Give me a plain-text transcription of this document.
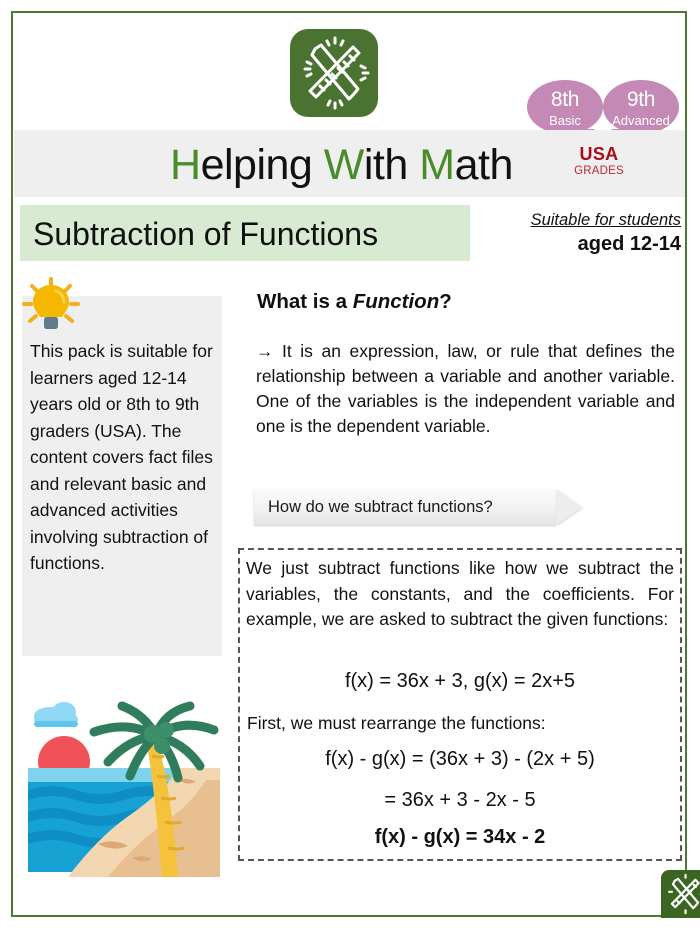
8th
Basic
9th
Advanced
Helping With Math	USA
GRADES
Subtraction of Functions	Suitable for students
aged 12-14
This pack is suitable for learners aged 12-14 years old or 8th to 9th graders (USA). The content covers fact files and relevant basic and advanced activities involving subtraction of functions.
What is a Function?
→ It is an expression, law, or rule that defines the relationship between a variable and another variable. One of the variables is the independent variable and one is the dependent variable.
How do we subtract functions?
We just subtract functions like how we subtract the variables, the constants, and the coefficients. For example, we are asked to subtract the given functions:
f(x) = 36x + 3, g(x) = 2x+5
First, we must rearrange the functions:
f(x) - g(x) = (36x + 3) - (2x + 5)
= 36x + 3 - 2x - 5
f(x) - g(x) = 34x - 2
